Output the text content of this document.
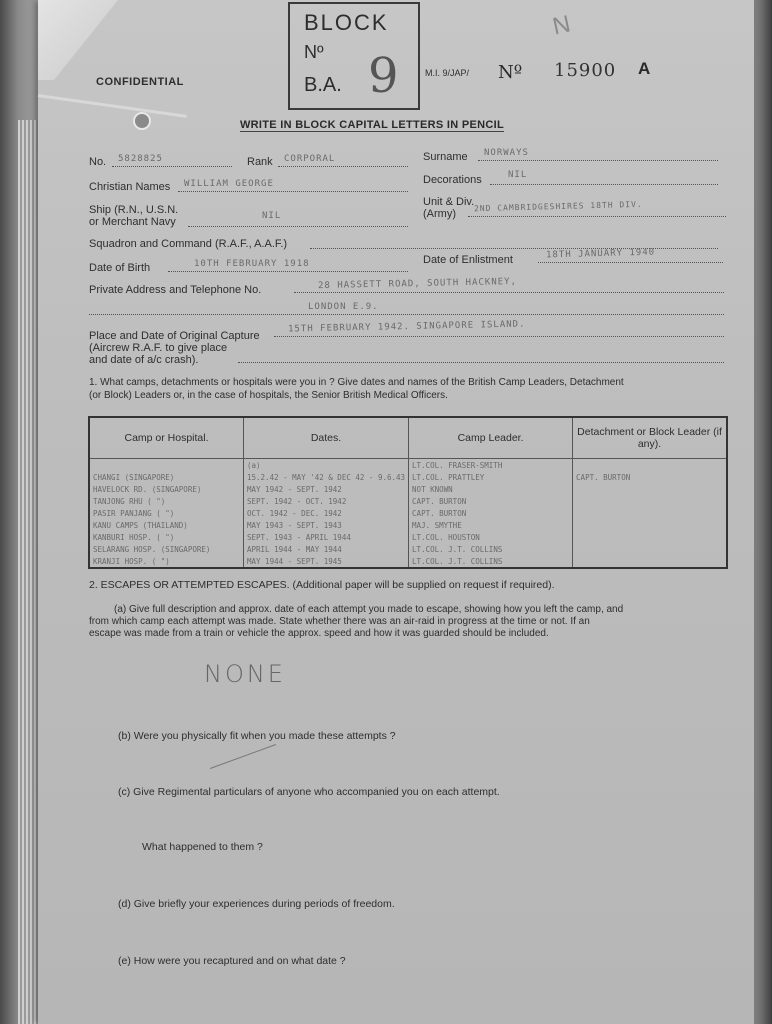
BLOCK
Nº
B.A. 9
N
CONFIDENTIAL
M.I. 9/JAP/ Nº 15900 A
WRITE IN BLOCK CAPITAL LETTERS IN PENCIL
No. 5828825	Rank CORPORAL	Surname NORWAYS
Christian Names WILLIAM GEORGE	Decorations	NIL
Ship (R.N., U.S.N.
or Merchant Navy	NIL
Unit & Div.
(Army)
2ND CAMBRIDGESHIRES 18TH DIV.
Squadron and Command (R.A.F., A.A.F.)
Date of Birth	10TH FEBRUARY 1918	Date of Enlistment	18TH JANUARY 1940
Private Address and Telephone No.	28 HASSETT ROAD, SOUTH HACKNEY,
LONDON E.9.
Place and Date of Original Capture
(Aircrew R.A.F. to give place
and date of a/c crash).
15TH FEBRUARY 1942. SINGAPORE ISLAND.
1. What camps, detachments or hospitals were you in ? Give dates and names of the British Camp Leaders, Detachment
(or Block) Leaders or, in the case of hospitals, the Senior British Medical Officers.
Camp or Hospital.	Dates.	Camp Leader.	Detachment or Block Leader (if any).
	(a)	LT.COL. FRASER-SMITH	
CHANGI (SINGAPORE)	15.2.42 - MAY '42 & DEC 42 - 9.6.43	LT.COL. PRATTLEY	CAPT. BURTON
HAVELOCK RD. (SINGAPORE)	MAY 1942 - SEPT. 1942	NOT KNOWN	
TANJONG RHU ( ")	SEPT. 1942 - OCT. 1942	CAPT. BURTON	
PASIR PANJANG ( ")	OCT. 1942 - DEC. 1942	CAPT. BURTON	
KANU CAMPS (THAILAND)	MAY 1943 - SEPT. 1943	MAJ. SMYTHE	
KANBURI HOSP. ( ")	SEPT. 1943 - APRIL 1944	LT.COL. HOUSTON	
SELARANG HOSP. (SINGAPORE)	APRIL 1944 - MAY 1944	LT.COL. J.T. COLLINS	
KRANJI HOSP. ( ")	MAY 1944 - SEPT. 1945	LT.COL. J.T. COLLINS	
2. ESCAPES OR ATTEMPTED ESCAPES. (Additional paper will be supplied on request if required).
(a) Give full description and approx. date of each attempt you made to escape, showing how you left the camp, and
from which camp each attempt was made. State whether there was an air-raid in progress at the time or not. If an
escape was made from a train or vehicle the approx. speed and how it was guarded should be included.
NONE
(b) Were you physically fit when you made these attempts ?
(c) Give Regimental particulars of anyone who accompanied you on each attempt.
What happened to them ?
(d) Give briefly your experiences during periods of freedom.
(e) How were you recaptured and on what date ?
